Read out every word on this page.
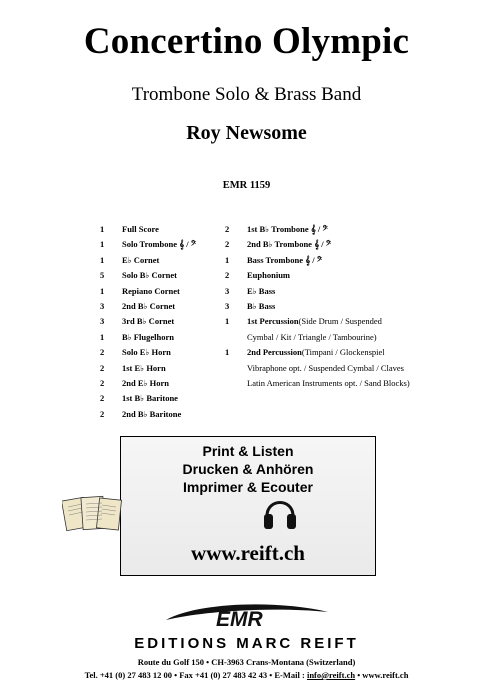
Concertino Olympic
Trombone Solo & Brass Band
Roy Newsome
EMR 1159
1	Full Score
1	Solo Trombone 𝄞 / 𝄢
1	E♭ Cornet
5	Solo B♭ Cornet
1	Repiano Cornet
3	2nd B♭ Cornet
3	3rd B♭ Cornet
1	B♭ Flugelhorn
2	Solo E♭ Horn
2	1st E♭ Horn
2	2nd E♭ Horn
2	1st B♭ Baritone
2	2nd B♭ Baritone
2	1st B♭ Trombone 𝄞 / 𝄢
2	2nd B♭ Trombone 𝄞 / 𝄢
1	Bass Trombone 𝄞 / 𝄢
2	Euphonium
3	E♭ Bass
3	B♭ Bass
1	1st Percussion (Side Drum / Suspended
Cymbal / Kit / Triangle / Tambourine)
1	2nd Percussion (Timpani / Glockenspiel
Vibraphone opt. / Suspended Cymbal / Claves
Latin American Instruments opt. / Sand Blocks)
Print & Listen
Drucken & Anhören
Imprimer & Ecouter
www.reift.ch
EMR
EDITIONS MARC REIFT
Route du Golf 150 • CH-3963 Crans-Montana (Switzerland)
Tel. +41 (0) 27 483 12 00 • Fax +41 (0) 27 483 42 43 • E-Mail : info@reift.ch • www.reift.ch
